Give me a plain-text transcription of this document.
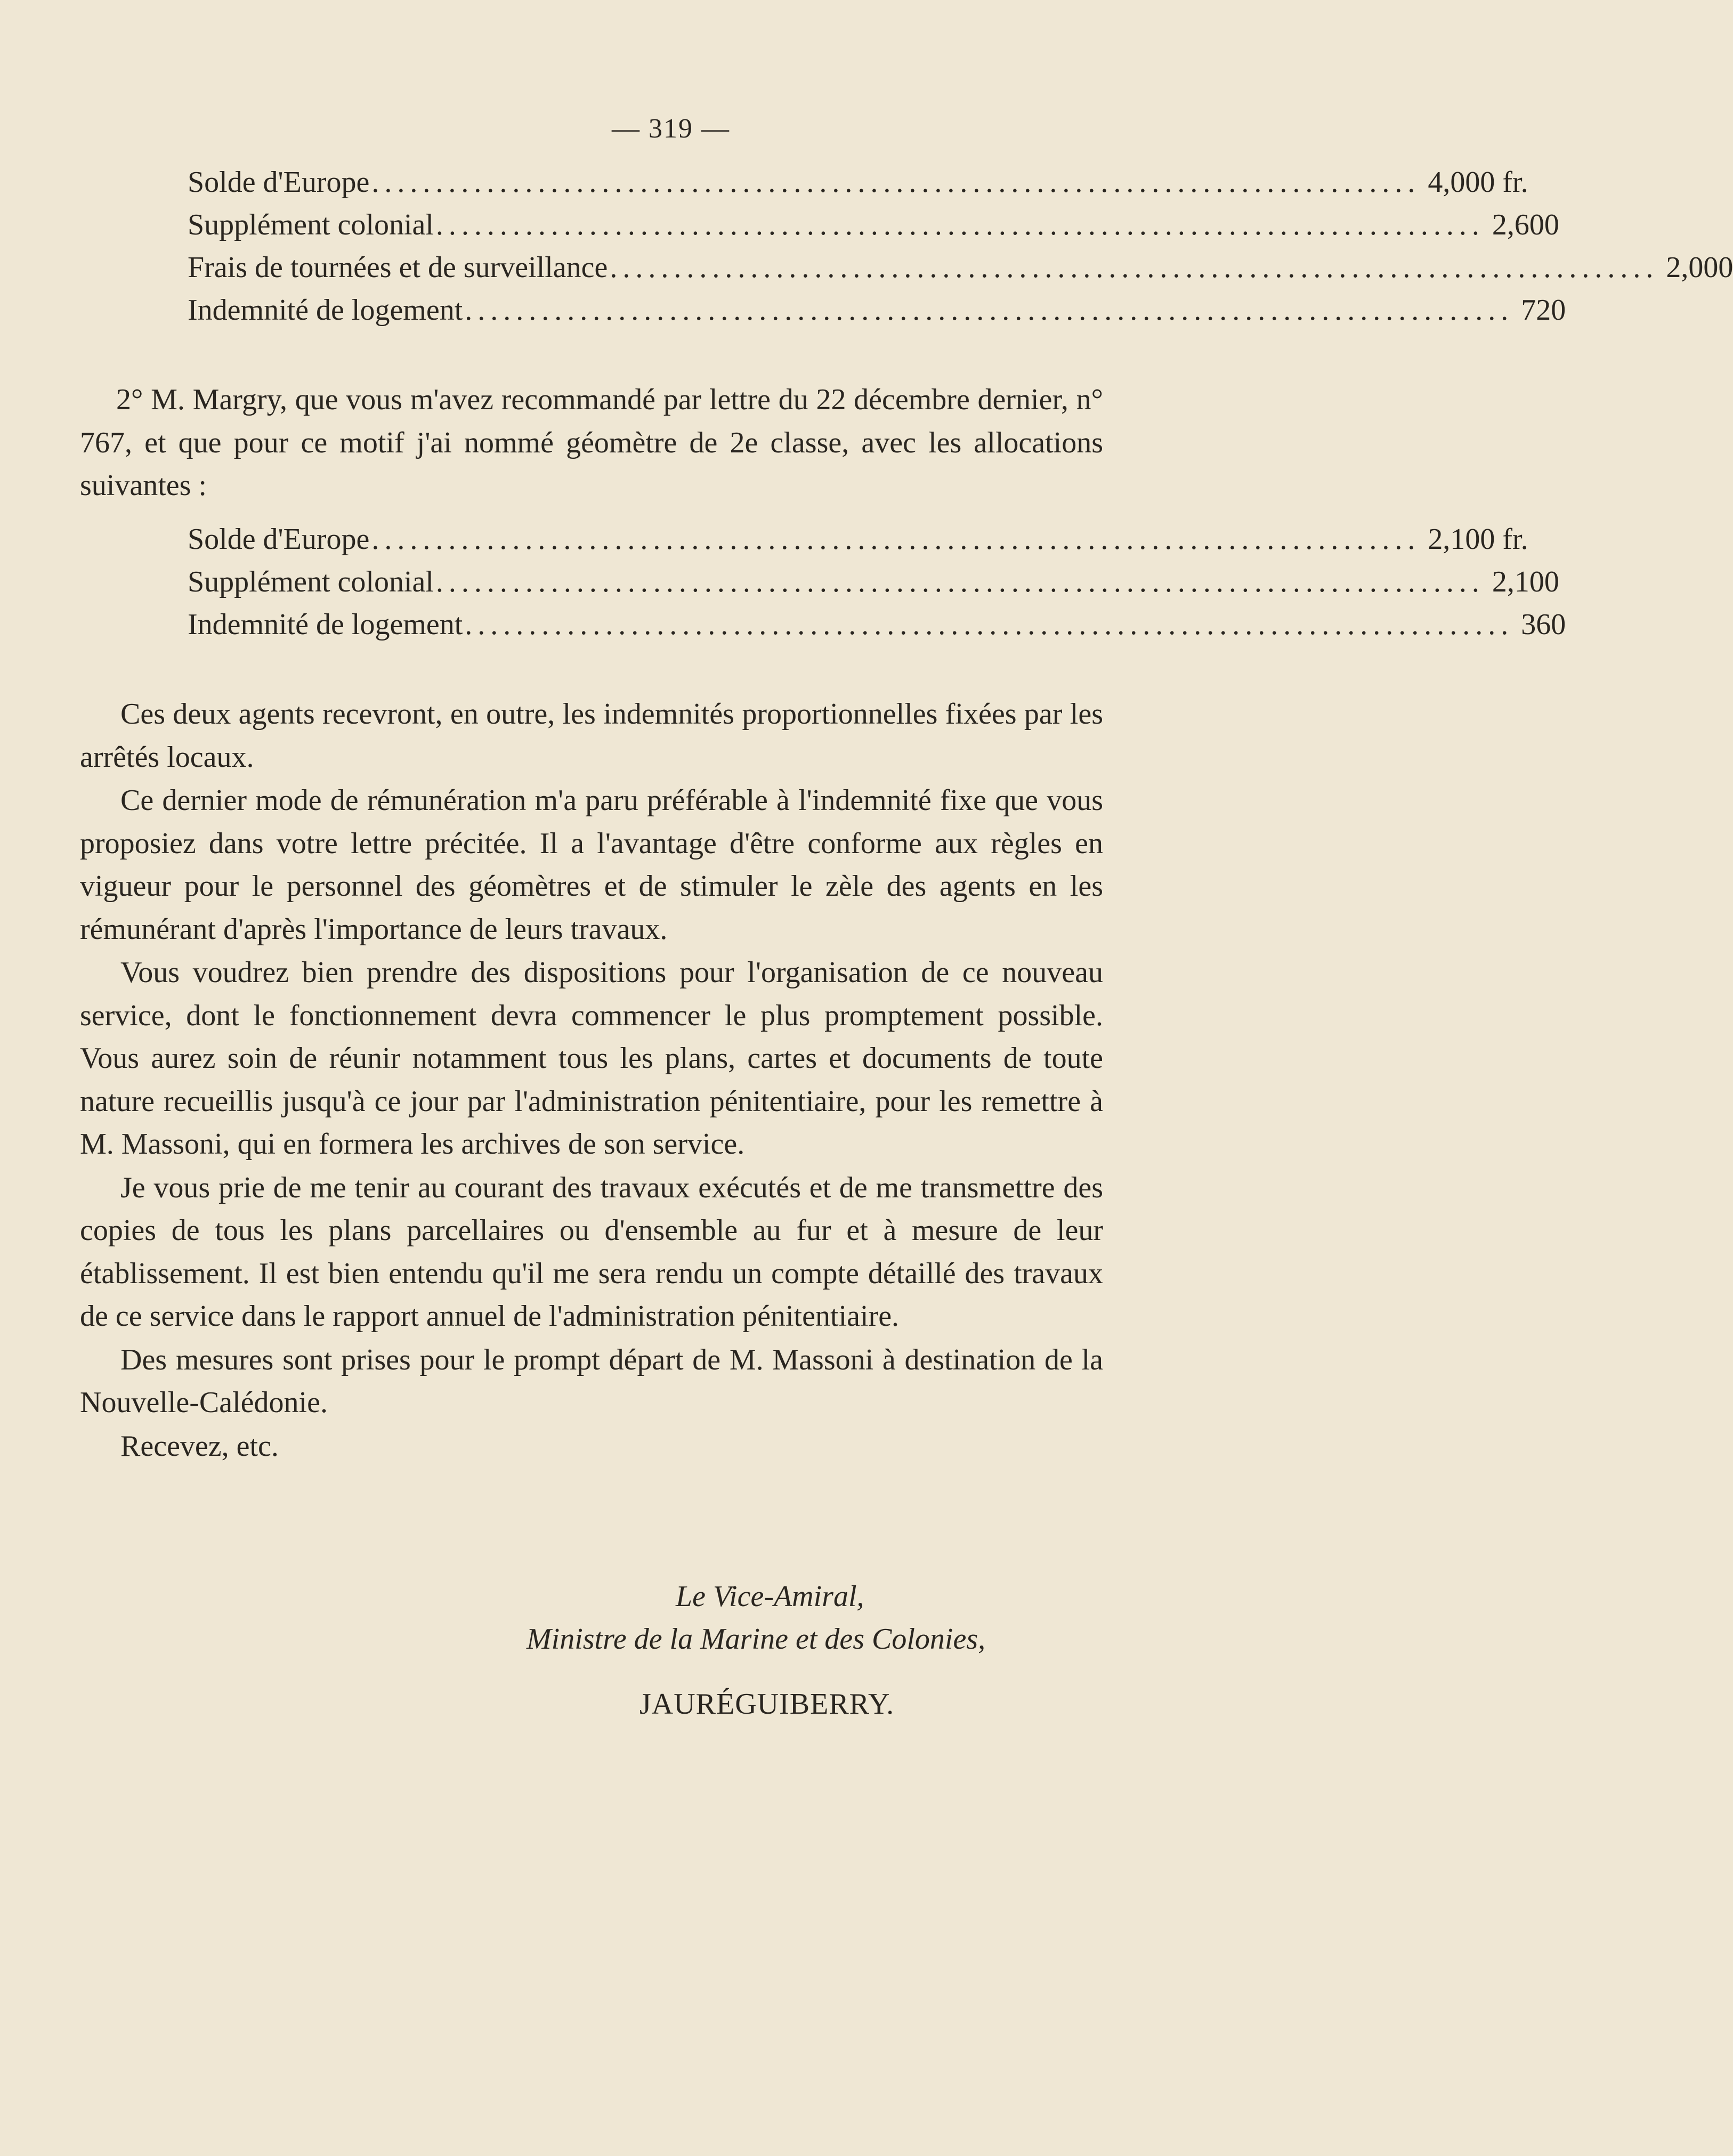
— 319 —
Solde d'Europe .................................................................................. 4,000 fr.
Supplément colonial .................................................................................. 2,600
Frais de tournées et de surveillance .................................................................................. 2,000
Indemnité de logement .................................................................................. 720

2° M. Margry, que vous m'avez recommandé par lettre du 22 décembre dernier, n° 767, et que pour ce motif j'ai nommé géomètre de 2e classe, avec les allocations suivantes :

Solde d'Europe .................................................................................. 2,100 fr.
Supplément colonial .................................................................................. 2,100
Indemnité de logement .................................................................................. 360

Ces deux agents recevront, en outre, les indemnités proportionnelles fixées par les arrêtés locaux.

Ce dernier mode de rémunération m'a paru préférable à l'indemnité fixe que vous proposiez dans votre lettre précitée. Il a l'avantage d'être conforme aux règles en vigueur pour le personnel des géomètres et de stimuler le zèle des agents en les rémunérant d'après l'importance de leurs travaux.

Vous voudrez bien prendre des dispositions pour l'organisation de ce nouveau service, dont le fonctionnement devra commencer le plus promptement possible. Vous aurez soin de réunir notamment tous les plans, cartes et documents de toute nature recueillis jusqu'à ce jour par l'administration pénitentiaire, pour les remettre à M. Massoni, qui en formera les archives de son service.

Je vous prie de me tenir au courant des travaux exécutés et de me transmettre des copies de tous les plans parcellaires ou d'ensemble au fur et à mesure de leur établissement. Il est bien entendu qu'il me sera rendu un compte détaillé des travaux de ce service dans le rapport annuel de l'administration pénitentiaire.

Des mesures sont prises pour le prompt départ de M. Massoni à destination de la Nouvelle-Calédonie.

Recevez, etc.

Le Vice-Amiral,
Ministre de la Marine et des Colonies,
JAURÉGUIBERRY.
